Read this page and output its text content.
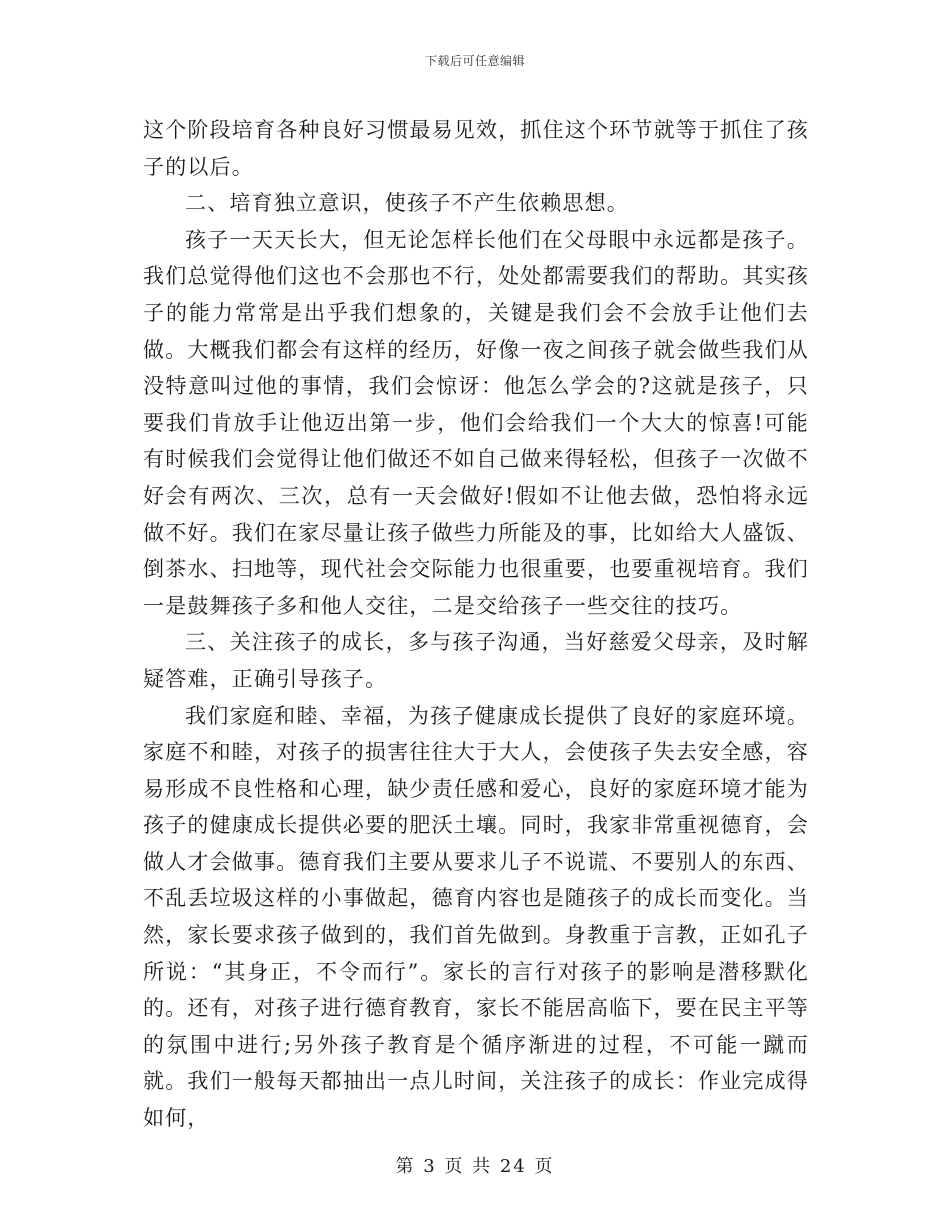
下载后可任意编辑

这个阶段培育各种良好习惯最易见效，抓住这个环节就等于抓住了孩子的以后。

二、培育独立意识，使孩子不产生依赖思想。

孩子一天天长大，但无论怎样长他们在父母眼中永远都是孩子。我们总觉得他们这也不会那也不行，处处都需要我们的帮助。其实孩子的能力常常是出乎我们想象的，关键是我们会不会放手让他们去做。大概我们都会有这样的经历，好像一夜之间孩子就会做些我们从没特意叫过他的事情，我们会惊讶：他怎么学会的?这就是孩子，只要我们肯放手让他迈出第一步，他们会给我们一个大大的惊喜!可能有时候我们会觉得让他们做还不如自己做来得轻松，但孩子一次做不好会有两次、三次，总有一天会做好!假如不让他去做，恐怕将永远做不好。我们在家尽量让孩子做些力所能及的事，比如给大人盛饭、倒茶水、扫地等，现代社会交际能力也很重要，也要重视培育。我们一是鼓舞孩子多和他人交往，二是交给孩子一些交往的技巧。

三、关注孩子的成长，多与孩子沟通，当好慈爱父母亲，及时解疑答难，正确引导孩子。

我们家庭和睦、幸福，为孩子健康成长提供了良好的家庭环境。家庭不和睦，对孩子的损害往往大于大人，会使孩子失去安全感，容易形成不良性格和心理，缺少责任感和爱心，良好的家庭环境才能为孩子的健康成长提供必要的肥沃土壤。同时，我家非常重视德育，会做人才会做事。德育我们主要从要求儿子不说谎、不要别人的东西、不乱丢垃圾这样的小事做起，德育内容也是随孩子的成长而变化。当然，家长要求孩子做到的，我们首先做到。身教重于言教，正如孔子所说：“其身正，不令而行”。家长的言行对孩子的影响是潜移默化的。还有，对孩子进行德育教育，家长不能居高临下，要在民主平等的氛围中进行;另外孩子教育是个循序渐进的过程，不可能一蹴而就。我们一般每天都抽出一点儿时间，关注孩子的成长：作业完成得如何，

第 3 页 共 24 页
